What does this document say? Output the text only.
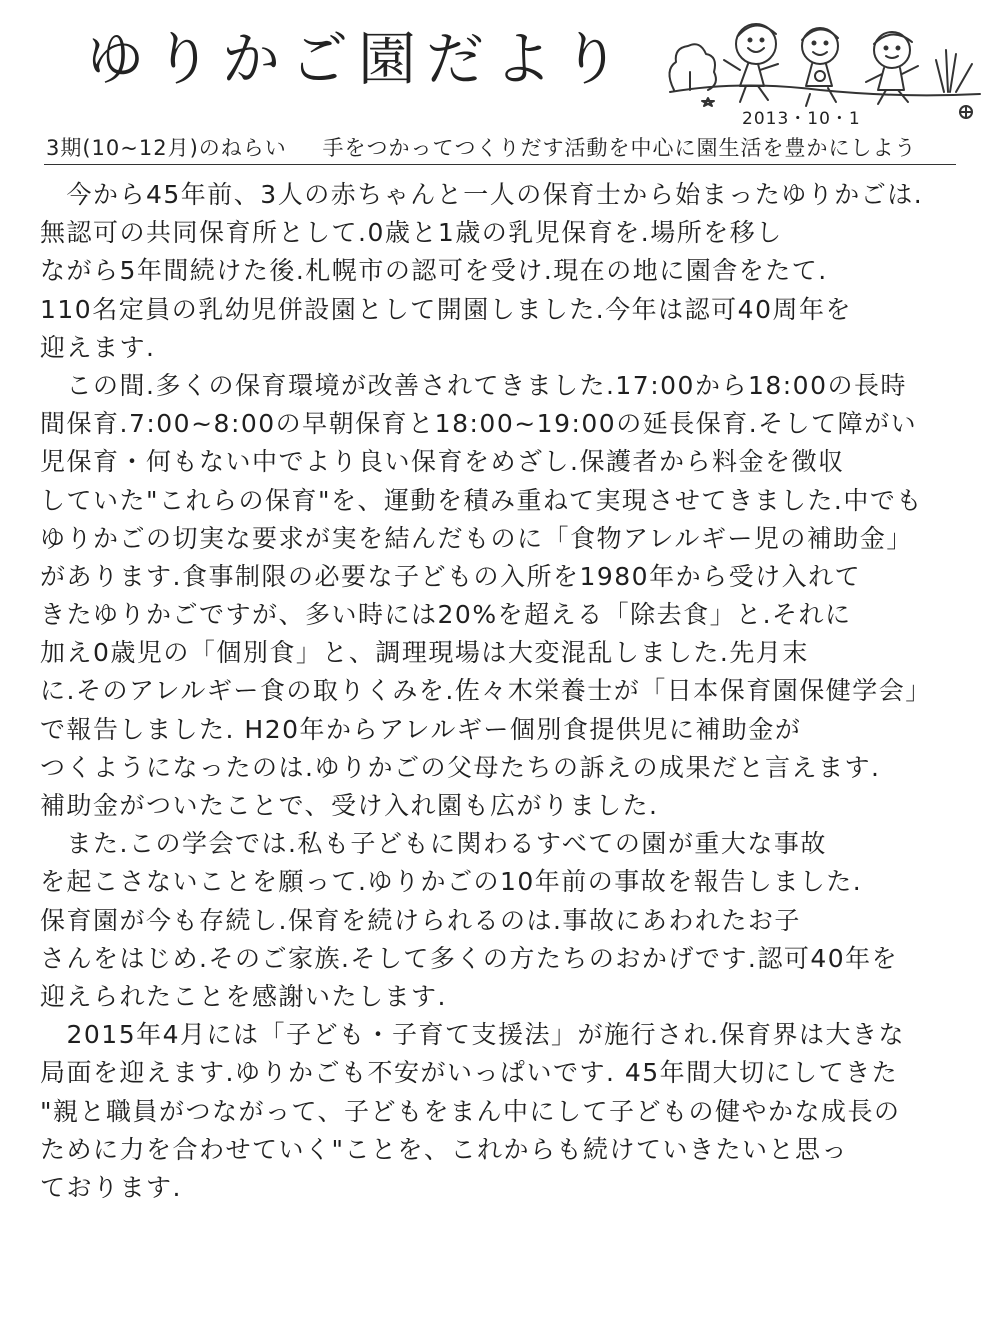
ゆりかご園だより
2013・10・1
3期(10~12月)のねらい 手をつかってつくりだす活動を中心に園生活を豊かにしよう
　今から45年前、3人の赤ちゃんと一人の保育士から始まったゆりかごは.
無認可の共同保育所として.0歳と1歳の乳児保育を.場所を移し
ながら5年間続けた後.札幌市の認可を受け.現在の地に園舎をたて.
110名定員の乳幼児併設園として開園しました.今年は認可40周年を
迎えます.
　この間.多くの保育環境が改善されてきました.17:00から18:00の長時
間保育.7:00~8:00の早朝保育と18:00~19:00の延長保育.そして障がい
児保育・何もない中でより良い保育をめざし.保護者から料金を徴収
していた"これらの保育"を、運動を積み重ねて実現させてきました.中でも
ゆりかごの切実な要求が実を結んだものに「食物アレルギー児の補助金」
があります.食事制限の必要な子どもの入所を1980年から受け入れて
きたゆりかごですが、多い時には20%を超える「除去食」と.それに
加え0歳児の「個別食」と、調理現場は大変混乱しました.先月末
に.そのアレルギー食の取りくみを.佐々木栄養士が「日本保育園保健学会」
で報告しました. H20年からアレルギー個別食提供児に補助金が
つくようになったのは.ゆりかごの父母たちの訴えの成果だと言えます.
補助金がついたことで、受け入れ園も広がりました.
　また.この学会では.私も子どもに関わるすべての園が重大な事故
を起こさないことを願って.ゆりかごの10年前の事故を報告しました.
保育園が今も存続し.保育を続けられるのは.事故にあわれたお子
さんをはじめ.そのご家族.そして多くの方たちのおかげです.認可40年を
迎えられたことを感謝いたします.
　2015年4月には「子ども・子育て支援法」が施行され.保育界は大きな
局面を迎えます.ゆりかごも不安がいっぱいです. 45年間大切にしてきた
"親と職員がつながって、子どもをまん中にして子どもの健やかな成長の
ために力を合わせていく"ことを、これからも続けていきたいと思っ
ております.
